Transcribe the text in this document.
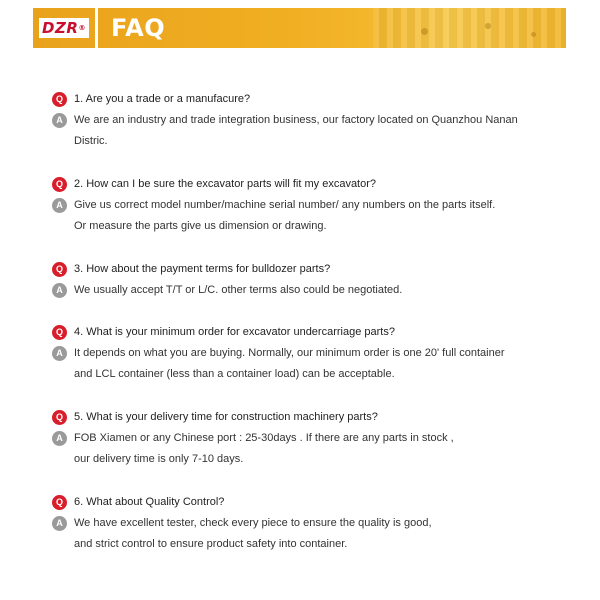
DZR® FAQ
Q	1. Are you a trade or a manufacure?
A	We are an industry and trade integration business, our factory located on Quanzhou Nanan
Distric.
Q	2. How can I be sure the excavator parts will fit my excavator?
A	Give us correct model number/machine serial number/ any numbers on the parts itself.
Or measure the parts give us dimension or drawing.
Q	3. How about the payment terms for bulldozer parts?
A	We usually accept T/T or L/C. other terms also could be negotiated.
Q	4. What is your minimum order for excavator undercarriage parts?
A	It depends on what you are buying. Normally, our minimum order is one 20' full container
and LCL container (less than a container load) can be acceptable.
Q	5. What is your delivery time for construction machinery parts?
A	FOB Xiamen or any Chinese port : 25-30days . If there are any parts in stock ,
our delivery time is only 7-10 days.
Q	6. What about Quality Control?
A	We have excellent tester, check every piece to ensure the quality is good,
and strict control to ensure product safety into container.
